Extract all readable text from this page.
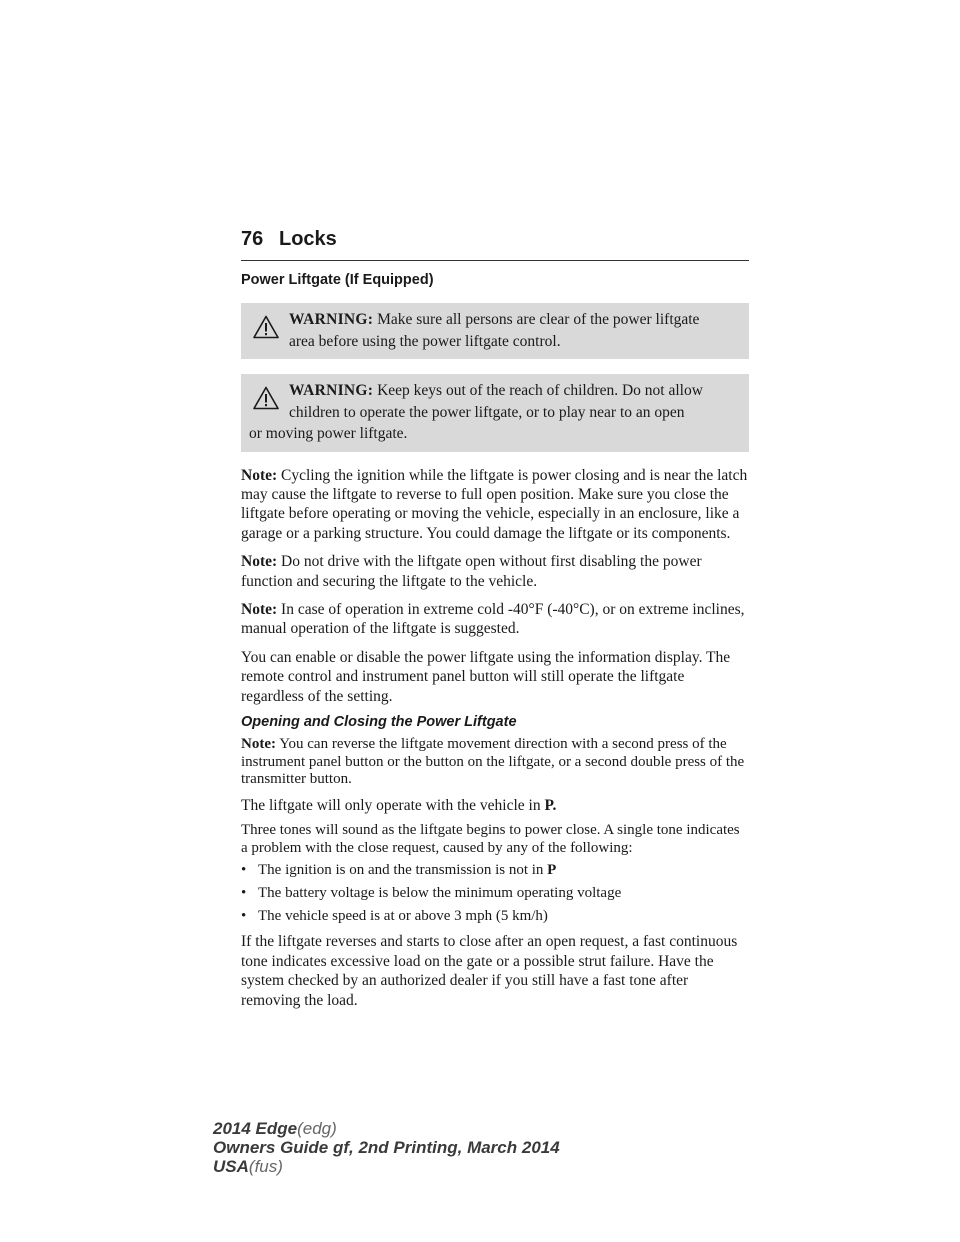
76 Locks
Power Liftgate (If Equipped)
WARNING: Make sure all persons are clear of the power liftgate
area before using the power liftgate control.
WARNING: Keep keys out of the reach of children. Do not allow
children to operate the power liftgate, or to play near to an open
or moving power liftgate.

Note: Cycling the ignition while the liftgate is power closing and is near the latch may cause the liftgate to reverse to full open position. Make sure you close the liftgate before operating or moving the vehicle, especially in an enclosure, like a garage or a parking structure. You could damage the liftgate or its components.

Note: Do not drive with the liftgate open without first disabling the power function and securing the liftgate to the vehicle.

Note: In case of operation in extreme cold -40°F (-40°C), or on extreme inclines, manual operation of the liftgate is suggested.

You can enable or disable the power liftgate using the information display. The remote control and instrument panel button will still operate the liftgate regardless of the setting.

Opening and Closing the Power Liftgate

Note: You can reverse the liftgate movement direction with a second press of the instrument panel button or the button on the liftgate, or a second double press of the transmitter button.

The liftgate will only operate with the vehicle in P.

Three tones will sound as the liftgate begins to power close. A single tone indicates a problem with the close request, caused by any of the following:

• The ignition is on and the transmission is not in P
• The battery voltage is below the minimum operating voltage
• The vehicle speed is at or above 3 mph (5 km/h)

If the liftgate reverses and starts to close after an open request, a fast continuous tone indicates excessive load on the gate or a possible strut failure. Have the system checked by an authorized dealer if you still have a fast tone after removing the load.

2014 Edge(edg)
Owners Guide gf, 2nd Printing, March 2014
USA(fus)
